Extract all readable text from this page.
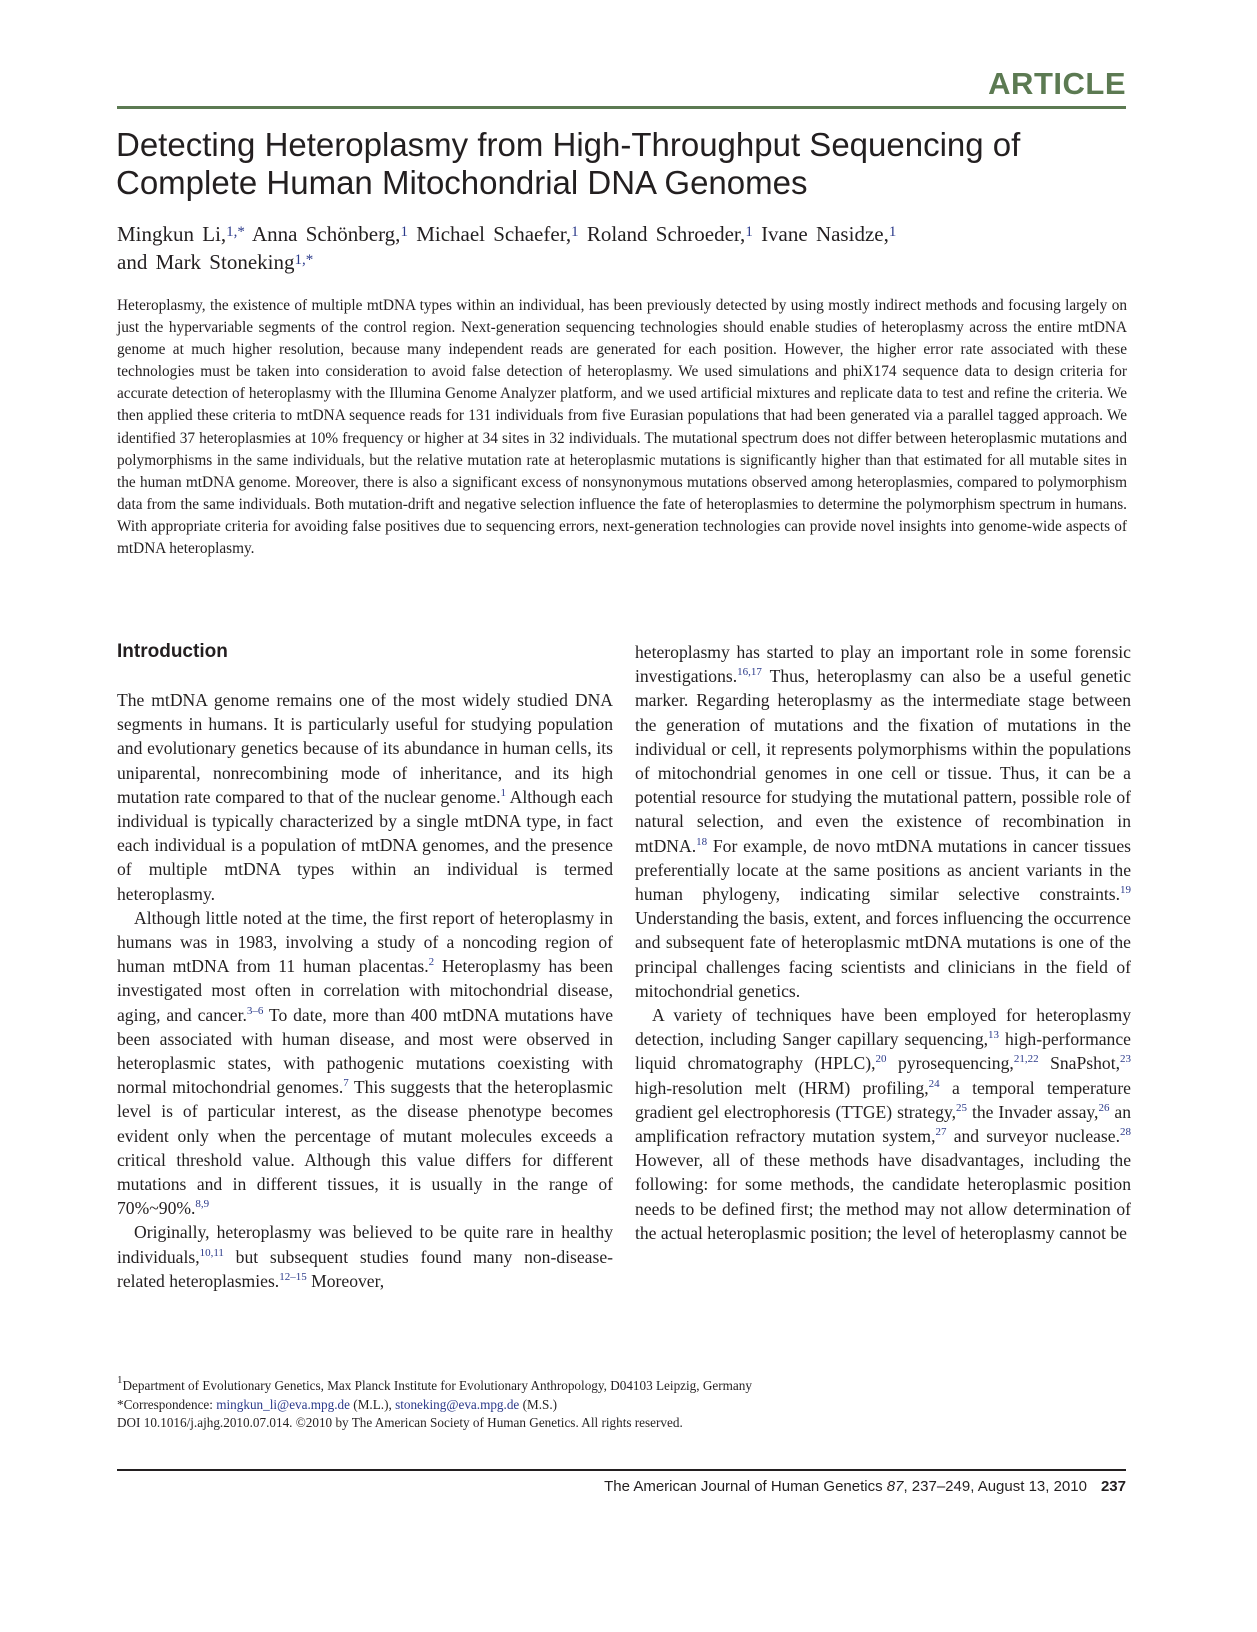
ARTICLE
Detecting Heteroplasmy from High-Throughput Sequencing of Complete Human Mitochondrial DNA Genomes
Mingkun Li,$^{1,*}$ Anna Schönberg,$^1$ Michael Schaefer,$^1$ Roland Schroeder,$^1$ Ivane Nasidze,$^1$
and Mark Stoneking$^{1,*}$
Heteroplasmy, the existence of multiple mtDNA types within an individual, has been previously detected by using mostly indirect methods and focusing largely on just the hypervariable segments of the control region. Next-generation sequencing technologies should enable studies of heteroplasmy across the entire mtDNA genome at much higher resolution, because many independent reads are generated for each position. However, the higher error rate associated with these technologies must be taken into consideration to avoid false detection of heteroplasmy. We used simulations and phiX174 sequence data to design criteria for accurate detection of heteroplasmy with the Illumina Genome Analyzer platform, and we used artificial mixtures and replicate data to test and refine the criteria. We then applied these criteria to mtDNA sequence reads for 131 individuals from five Eurasian populations that had been generated via a parallel tagged approach. We identified 37 heteroplasmies at 10% frequency or higher at 34 sites in 32 individuals. The mutational spectrum does not differ between heteroplasmic mutations and polymorphisms in the same individuals, but the relative mutation rate at heteroplasmic mutations is significantly higher than that estimated for all mutable sites in the human mtDNA genome. Moreover, there is also a significant excess of nonsynonymous mutations observed among heteroplasmies, compared to polymorphism data from the same individuals. Both mutation-drift and negative selection influence the fate of heteroplasmies to determine the polymorphism spectrum in humans. With appropriate criteria for avoiding false positives due to sequencing errors, next-generation technologies can provide novel insights into genome-wide aspects of mtDNA heteroplasmy.
Introduction

The mtDNA genome remains one of the most widely studied DNA segments in humans. It is particularly useful for studying population and evolutionary genetics because of its abundance in human cells, its uniparental, nonrecombining mode of inheritance, and its high mutation rate compared to that of the nuclear genome.$^1$ Although each individual is typically characterized by a single mtDNA type, in fact each individual is a population of mtDNA genomes, and the presence of multiple mtDNA types within an individual is termed heteroplasmy.

Although little noted at the time, the first report of heteroplasmy in humans was in 1983, involving a study of a noncoding region of human mtDNA from 11 human placentas.$^2$ Heteroplasmy has been investigated most often in correlation with mitochondrial disease, aging, and cancer.$^{3-6}$ To date, more than 400 mtDNA mutations have been associated with human disease, and most were observed in heteroplasmic states, with pathogenic mutations coexisting with normal mitochondrial genomes.$^7$ This suggests that the heteroplasmic level is of particular interest, as the disease phenotype becomes evident only when the percentage of mutant molecules exceeds a critical threshold value. Although this value differs for different mutations and in different tissues, it is usually in the range of 70%~90%.$^{8,9}$

Originally, heteroplasmy was believed to be quite rare in healthy individuals,$^{10,11}$ but subsequent studies found many non-disease-related heteroplasmies.$^{12-15}$ Moreover,

heteroplasmy has started to play an important role in some forensic investigations.$^{16,17}$ Thus, heteroplasmy can also be a useful genetic marker. Regarding heteroplasmy as the intermediate stage between the generation of mutations and the fixation of mutations in the individual or cell, it represents polymorphisms within the populations of mitochondrial genomes in one cell or tissue. Thus, it can be a potential resource for studying the mutational pattern, possible role of natural selection, and even the existence of recombination in mtDNA.$^{18}$ For example, de novo mtDNA mutations in cancer tissues preferentially locate at the same positions as ancient variants in the human phylogeny, indicating similar selective constraints.$^{19}$ Understanding the basis, extent, and forces influencing the occurrence and subsequent fate of heteroplasmic mtDNA mutations is one of the principal challenges facing scientists and clinicians in the field of mitochondrial genetics.

A variety of techniques have been employed for heteroplasmy detection, including Sanger capillary sequencing,$^{13}$ high-performance liquid chromatography (HPLC),$^{20}$ pyrosequencing,$^{21,22}$ SnaPshot,$^{23}$ high-resolution melt (HRM) profiling,$^{24}$ a temporal temperature gradient gel electrophoresis (TTGE) strategy,$^{25}$ the Invader assay,$^{26}$ an amplification refractory mutation system,$^{27}$ and surveyor nuclease.$^{28}$ However, all of these methods have disadvantages, including the following: for some methods, the candidate heteroplasmic position needs to be defined first; the method may not allow determination of the actual heteroplasmic position; the level of heteroplasmy cannot be

$^1$Department of Evolutionary Genetics, Max Planck Institute for Evolutionary Anthropology, D04103 Leipzig, Germany
*Correspondence: mingkun_li@eva.mpg.de (M.L.), stoneking@eva.mpg.de (M.S.)
DOI 10.1016/j.ajhg.2010.07.014. ©2010 by The American Society of Human Genetics. All rights reserved.
The American Journal of Human Genetics 87, 237–249, August 13, 2010 237
